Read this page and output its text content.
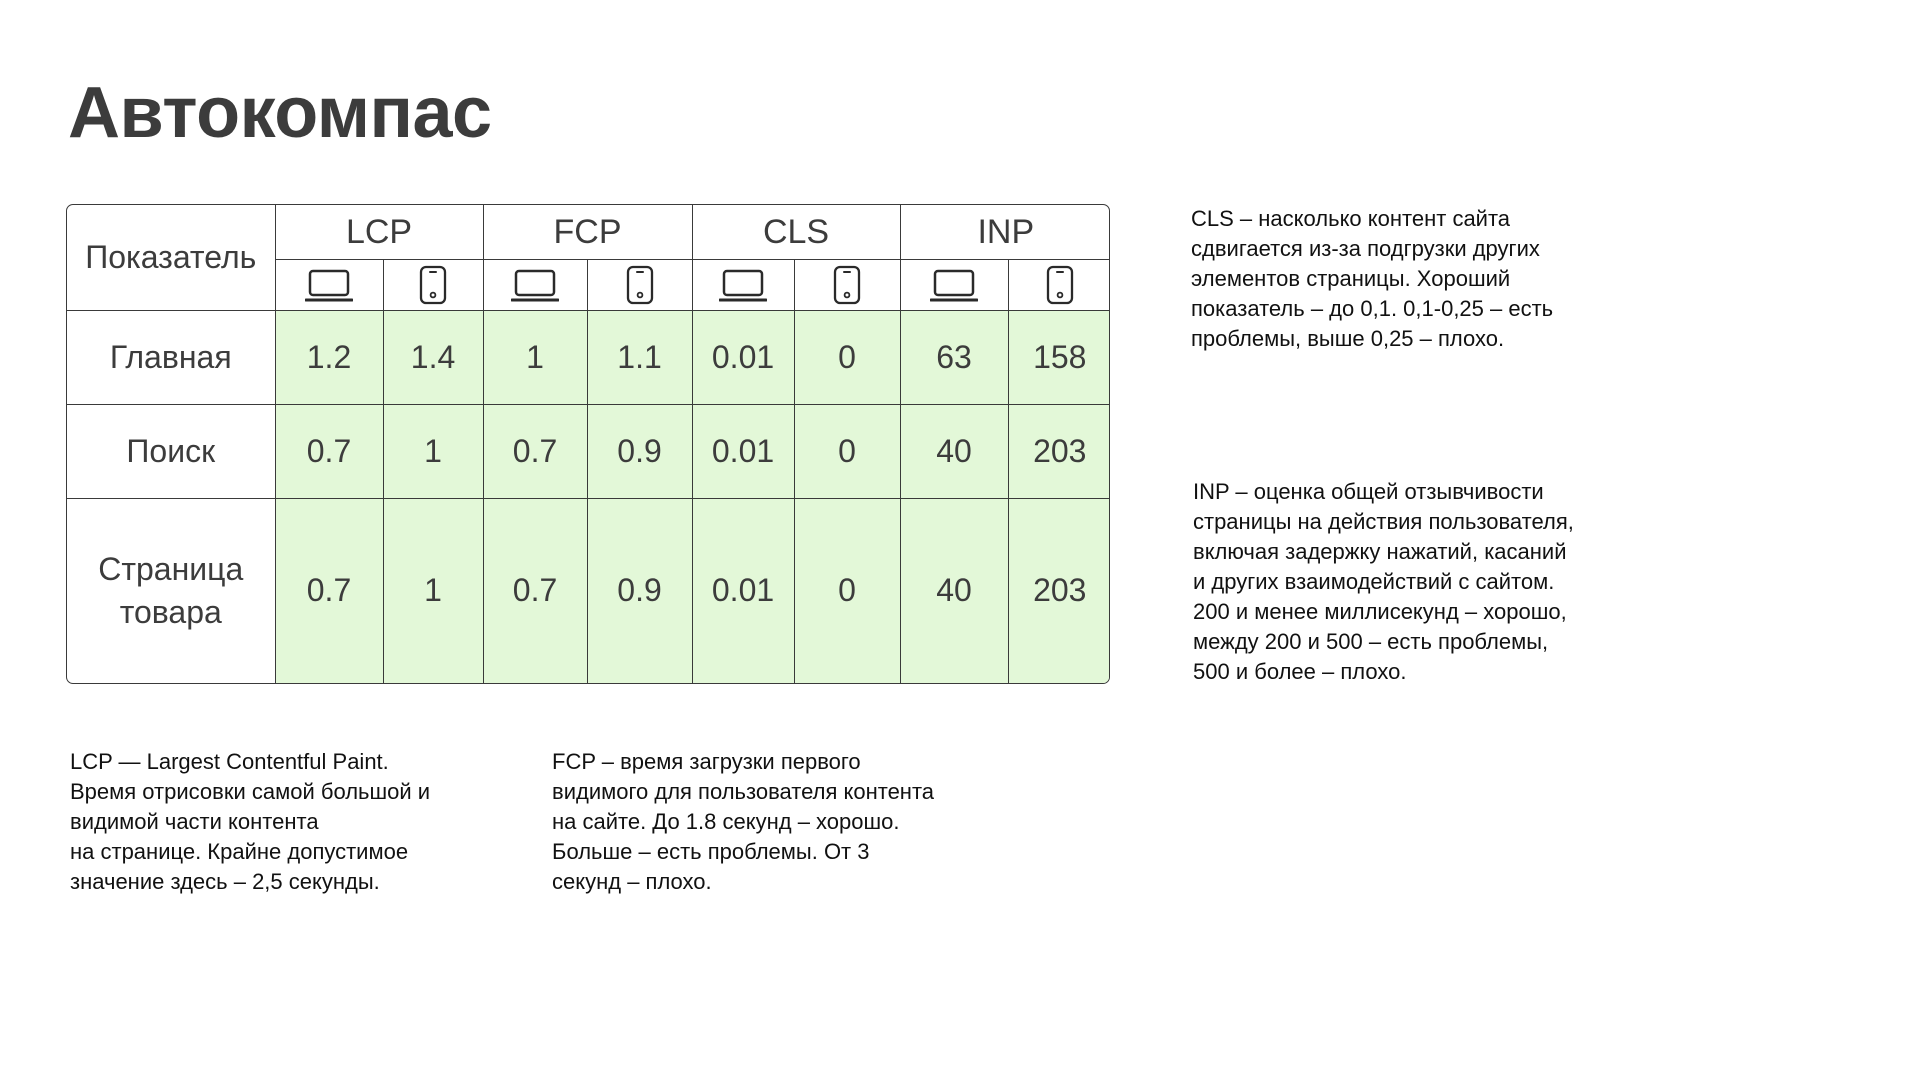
Автокомпас
Показатель	LCP		FCP		CLS		INP	

Главная	1.2	1.4	1	1.1	0.01	0	63	158
Поиск	0.7	1	0.7	0.9	0.01	0	40	203
Страница товара	0.7	1	0.7	0.9	0.01	0	40	203

CLS – насколько контент сайта
сдвигается из-за подгрузки других
элементов страницы. Хороший
показатель – до 0,1. 0,1-0,25 – есть
проблемы, выше 0,25 – плохо.

INP – оценка общей отзывчивости
страницы на действия пользователя,
включая задержку нажатий, касаний
и других взаимодействий с сайтом.
200 и менее миллисекунд – хорошо,
между 200 и 500 – есть проблемы,
500 и более – плохо.

LCP — Largest Contentful Paint.
Время отрисовки самой большой и
видимой части контента
на странице. Крайне допустимое
значение здесь – 2,5 секунды.

FCP – время загрузки первого
видимого для пользователя контента
на сайте. До 1.8 секунд – хорошо.
Больше – есть проблемы. От 3
секунд – плохо.
